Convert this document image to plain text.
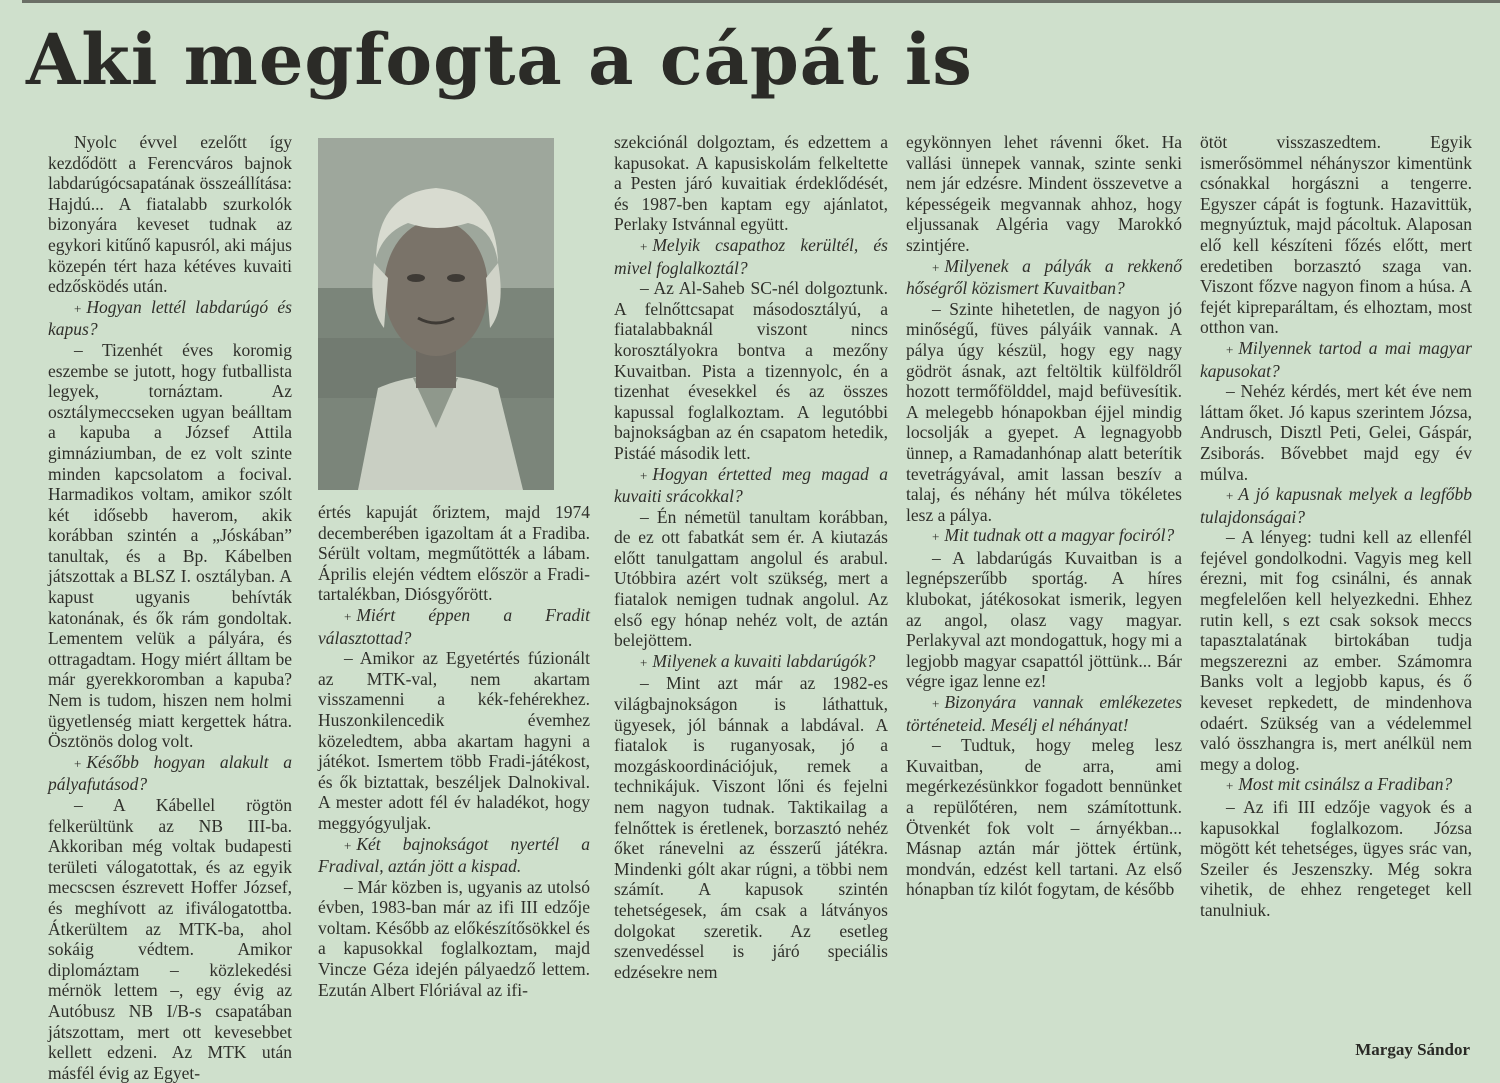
Aki megfogta a cápát is

Nyolc évvel ezelőtt így kezdődött a Ferencváros bajnok labdarúgócsapatának összeállítása: Hajdú... A fiatalabb szurkolók bizonyára keveset tudnak az egykori kitűnő kapusról, aki május közepén tért haza kétéves kuvaiti edzősködés után.

+ Hogyan lettél labdarúgó és kapus?

– Tizenhét éves koromig eszembe se jutott, hogy futballista legyek, tornáztam. Az osztálymeccseken ugyan beálltam a kapuba a József Attila gimnáziumban, de ez volt szinte minden kapcsolatom a focival. Harmadikos voltam, amikor szólt két idősebb haverom, akik korábban szintén a „Jóskában” tanultak, és a Bp. Kábelben játszottak a BLSZ I. osztályban. A kapust ugyanis behívták katonának, és ők rám gondoltak. Lementem velük a pályára, és ottragadtam. Hogy miért álltam be már gyerekkoromban a kapuba? Nem is tudom, hiszen nem holmi ügyetlenség miatt kergettek hátra. Ösztönös dolog volt.

+ Később hogyan alakult a pályafutásod?

– A Kábellel rögtön felkerültünk az NB III-ba. Akkoriban még voltak budapesti területi válogatottak, és az egyik mecscsen észrevett Hoffer József, és meghívott az ifiválogatottba. Átkerültem az MTK-ba, ahol sokáig védtem. Amikor diplomáztam – közlekedési mérnök lettem –, egy évig az Autóbusz NB I/B-s csapatában játszottam, mert ott kevesebbet kellett edzeni. Az MTK után másfél évig az Egyet-

értés kapuját őriztem, majd 1974 decemberében igazoltam át a Fradiba. Sérült voltam, megműtötték a lábam. Április elején védtem először a Fradi-tartalékban, Diósgyőrött.

+ Miért éppen a Fradit választottad?

– Amikor az Egyetértés fúzionált az MTK-val, nem akartam visszamenni a kék-fehérekhez. Huszonkilencedik évemhez közeledtem, abba akartam hagyni a játékot. Ismertem több Fradi-játékost, és ők biztattak, beszéljek Dalnokival. A mester adott fél év haladékot, hogy meggyógyuljak.

+ Két bajnokságot nyertél a Fradival, aztán jött a kispad.

– Már közben is, ugyanis az utolsó évben, 1983-ban már az ifi III edzője voltam. Később az előkészítősökkel és a kapusokkal foglalkoztam, majd Vincze Géza idején pályaedző lettem. Ezután Albert Flóriával az ifi-

szekciónál dolgoztam, és edzettem a kapusokat. A kapusiskolám felkeltette a Pesten járó kuvaitiak érdeklődését, és 1987-ben kaptam egy ajánlatot, Perlaky Istvánnal együtt.

+ Melyik csapathoz kerültél, és mivel foglalkoztál?

– Az Al-Saheb SC-nél dolgoztunk. A felnőttcsapat másodosztályú, a fiatalabbaknál viszont nincs korosztályokra bontva a mezőny Kuvaitban. Pista a tizennyolc, én a tizenhat évesekkel és az összes kapussal foglalkoztam. A legutóbbi bajnokságban az én csapatom hetedik, Pistáé második lett.

+ Hogyan értetted meg magad a kuvaiti srácokkal?

– Én németül tanultam korábban, de ez ott fabatkát sem ér. A kiutazás előtt tanulgattam angolul és arabul. Utóbbira azért volt szükség, mert a fiatalok nemigen tudnak angolul. Az első egy hónap nehéz volt, de aztán belejöttem.

+ Milyenek a kuvaiti labdarúgók?

– Mint azt már az 1982-es világbajnokságon is láthattuk, ügyesek, jól bánnak a labdával. A fiatalok is ruganyosak, jó a mozgáskoordinációjuk, remek a technikájuk. Viszont lőni és fejelni nem nagyon tudnak. Taktikailag a felnőttek is éretlenek, borzasztó nehéz őket ránevelni az ésszerű játékra. Mindenki gólt akar rúgni, a többi nem számít. A kapusok szintén tehetségesek, ám csak a látványos dolgokat szeretik. Az esetleg szenvedéssel is járó speciális edzésekre nem

egykönnyen lehet rávenni őket. Ha vallási ünnepek vannak, szinte senki nem jár edzésre. Mindent összevetve a képességeik megvannak ahhoz, hogy eljussanak Algéria vagy Marokkó szintjére.

+ Milyenek a pályák a rekkenő hőségről közismert Kuvaitban?

– Szinte hihetetlen, de nagyon jó minőségű, füves pályáik vannak. A pálya úgy készül, hogy egy nagy gödröt ásnak, azt feltöltik külföldről hozott termőfölddel, majd befüvesítik. A melegebb hónapokban éjjel mindig locsolják a gyepet. A legnagyobb ünnep, a Ramadanhónap alatt beterítik tevetrágyával, amit lassan beszív a talaj, és néhány hét múlva tökéletes lesz a pálya.

+ Mit tudnak ott a magyar fociról?

– A labdarúgás Kuvaitban is a legnépszerűbb sportág. A híres klubokat, játékosokat ismerik, legyen az angol, olasz vagy magyar. Perlakyval azt mondogattuk, hogy mi a legjobb magyar csapattól jöttünk... Bár végre igaz lenne ez!

+ Bizonyára vannak emlékezetes történeteid. Mesélj el néhányat!

– Tudtuk, hogy meleg lesz Kuvaitban, de arra, ami megérkezésünkkor fogadott bennünket a repülőtéren, nem számítottunk. Ötvenkét fok volt – árnyékban... Másnap aztán már jöttek értünk, mondván, edzést kell tartani. Az első hónapban tíz kilót fogytam, de később

ötöt visszaszedtem. Egyik ismerősömmel néhányszor kimentünk csónakkal horgászni a tengerre. Egyszer cápát is fogtunk. Hazavittük, megnyúztuk, majd pácoltuk. Alaposan elő kell készíteni főzés előtt, mert eredetiben borzasztó szaga van. Viszont főzve nagyon finom a húsa. A fejét kipreparáltam, és elhoztam, most otthon van.

+ Milyennek tartod a mai magyar kapusokat?

– Nehéz kérdés, mert két éve nem láttam őket. Jó kapus szerintem Józsa, Andrusch, Disztl Peti, Gelei, Gáspár, Zsiborás. Bővebbet majd egy év múlva.

+ A jó kapusnak melyek a legfőbb tulajdonságai?

– A lényeg: tudni kell az ellenfél fejével gondolkodni. Vagyis meg kell érezni, mit fog csinálni, és annak megfelelően kell helyezkedni. Ehhez rutin kell, s ezt csak soksok meccs tapasztalatának birtokában tudja megszerezni az ember. Számomra Banks volt a legjobb kapus, és ő keveset repkedett, de mindenhova odaért. Szükség van a védelemmel való összhangra is, mert anélkül nem megy a dolog.

+ Most mit csinálsz a Fradiban?

– Az ifi III edzője vagyok és a kapusokkal foglalkozom. Józsa mögött két tehetséges, ügyes srác van, Szeiler és Jeszenszky. Még sokra vihetik, de ehhez rengeteget kell tanulniuk.

Margay Sándor
